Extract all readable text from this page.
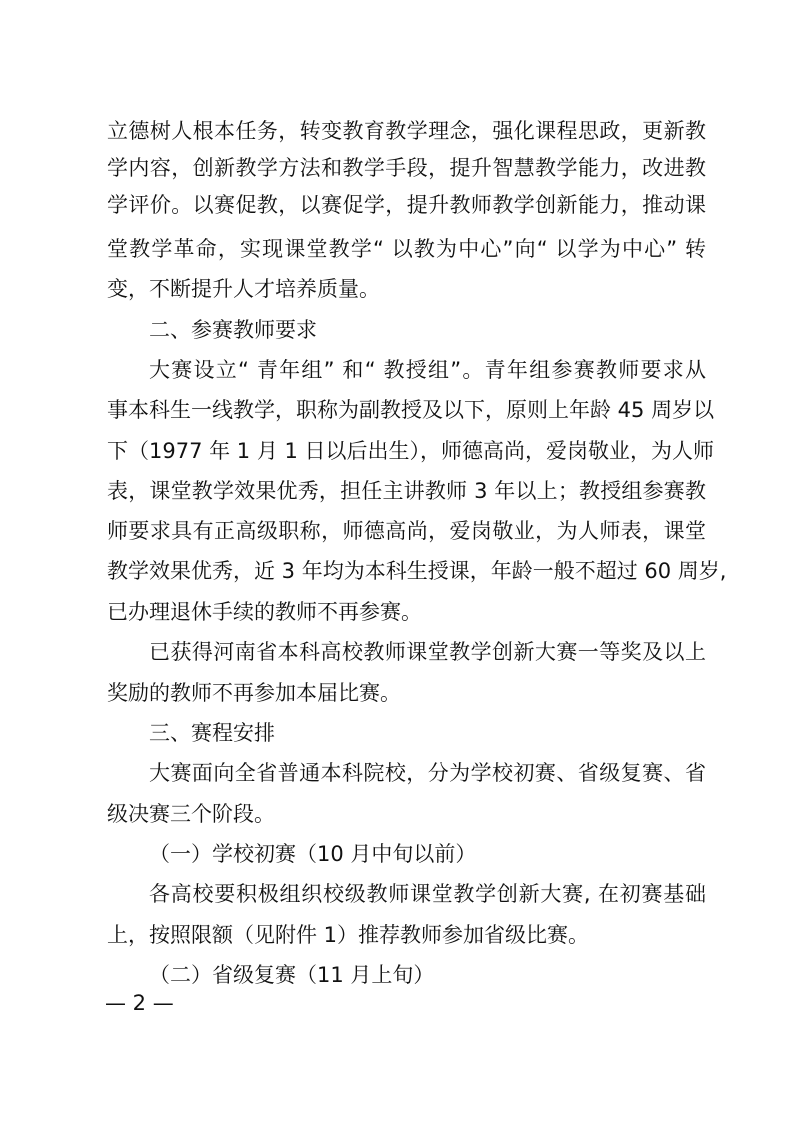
立德树人根本任务，转变教育教学理念，强化课程思政，更新教
学内容，创新教学方法和教学手段，提升智慧教学能力，改进教
学评价。以赛促教，以赛促学，提升教师教学创新能力，推动课
堂教学革命，实现课堂教学“ 以教为中心”向“ 以学为中心” 转
变，不断提升人才培养质量。
二、参赛教师要求
大赛设立“ 青年组” 和“ 教授组”。青年组参赛教师要求从
事本科生一线教学，职称为副教授及以下，原则上年龄 45 周岁以
下（1977 年 1 月 1 日以后出生），师德高尚，爱岗敬业，为人师
表，课堂教学效果优秀，担任主讲教师 3 年以上；教授组参赛教
师要求具有正高级职称，师德高尚，爱岗敬业，为人师表，课堂
教学效果优秀，近 3 年均为本科生授课，年龄一般不超过 60 周岁,
已办理退休手续的教师不再参赛。
已获得河南省本科高校教师课堂教学创新大赛一等奖及以上
奖励的教师不再参加本届比赛。
三、赛程安排
大赛面向全省普通本科院校，分为学校初赛、省级复赛、省
级决赛三个阶段。
（一）学校初赛（10 月中旬以前）
各高校要积极组织校级教师课堂教学创新大赛, 在初赛基础
上，按照限额（见附件 1）推荐教师参加省级比赛。
（二）省级复赛（11 月上旬）
— 2 —
